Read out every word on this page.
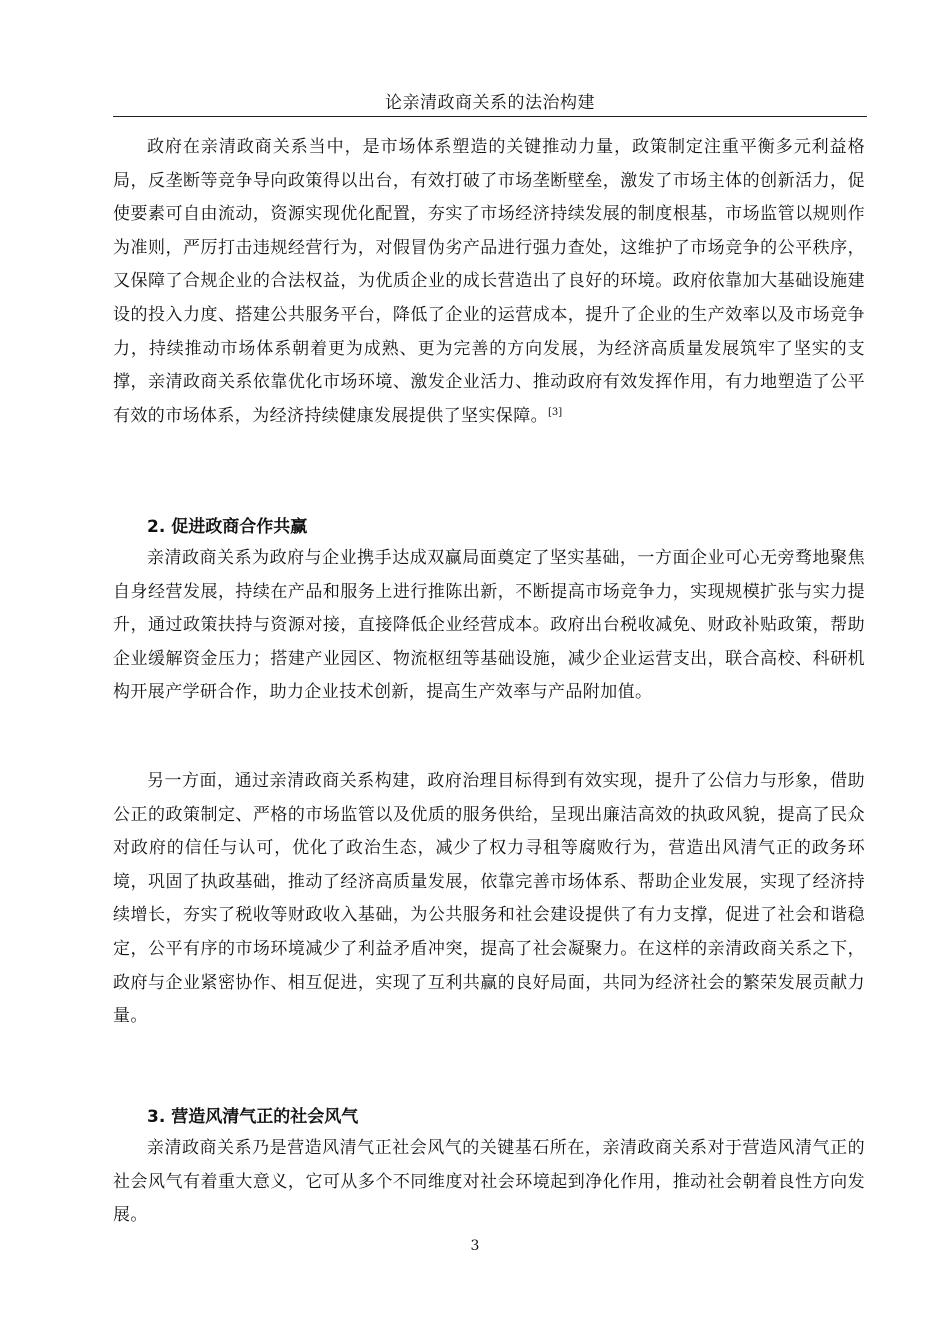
论亲清政商关系的法治构建

政府在亲清政商关系当中，是市场体系塑造的关键推动力量，政策制定注重平衡多元利益格局，反垄断等竞争导向政策得以出台，有效打破了市场垄断壁垒，激发了市场主体的创新活力，促使要素可自由流动，资源实现优化配置，夯实了市场经济持续发展的制度根基，市场监管以规则作为准则，严厉打击违规经营行为，对假冒伪劣产品进行强力查处，这维护了市场竞争的公平秩序，又保障了合规企业的合法权益，为优质企业的成长营造出了良好的环境。政府依靠加大基础设施建设的投入力度、搭建公共服务平台，降低了企业的运营成本，提升了企业的生产效率以及市场竞争力，持续推动市场体系朝着更为成熟、更为完善的方向发展，为经济高质量发展筑牢了坚实的支撑，亲清政商关系依靠优化市场环境、激发企业活力、推动政府有效发挥作用，有力地塑造了公平有效的市场体系，为经济持续健康发展提供了坚实保障。[3]

2. 促进政商合作共赢

亲清政商关系为政府与企业携手达成双赢局面奠定了坚实基础，一方面企业可心无旁骛地聚焦自身经营发展，持续在产品和服务上进行推陈出新，不断提高市场竞争力，实现规模扩张与实力提升，通过政策扶持与资源对接，直接降低企业经营成本。政府出台税收减免、财政补贴政策，帮助企业缓解资金压力；搭建产业园区、物流枢纽等基础设施，减少企业运营支出，联合高校、科研机构开展产学研合作，助力企业技术创新，提高生产效率与产品附加值。

另一方面，通过亲清政商关系构建，政府治理目标得到有效实现，提升了公信力与形象，借助公正的政策制定、严格的市场监管以及优质的服务供给，呈现出廉洁高效的执政风貌，提高了民众对政府的信任与认可，优化了政治生态，减少了权力寻租等腐败行为，营造出风清气正的政务环境，巩固了执政基础，推动了经济高质量发展，依靠完善市场体系、帮助企业发展，实现了经济持续增长，夯实了税收等财政收入基础，为公共服务和社会建设提供了有力支撑，促进了社会和谐稳定，公平有序的市场环境减少了利益矛盾冲突，提高了社会凝聚力。在这样的亲清政商关系之下，政府与企业紧密协作、相互促进，实现了互利共赢的良好局面，共同为经济社会的繁荣发展贡献力量。

3. 营造风清气正的社会风气

亲清政商关系乃是营造风清气正社会风气的关键基石所在，亲清政商关系对于营造风清气正的社会风气有着重大意义，它可从多个不同维度对社会环境起到净化作用，推动社会朝着良性方向发展。

3
